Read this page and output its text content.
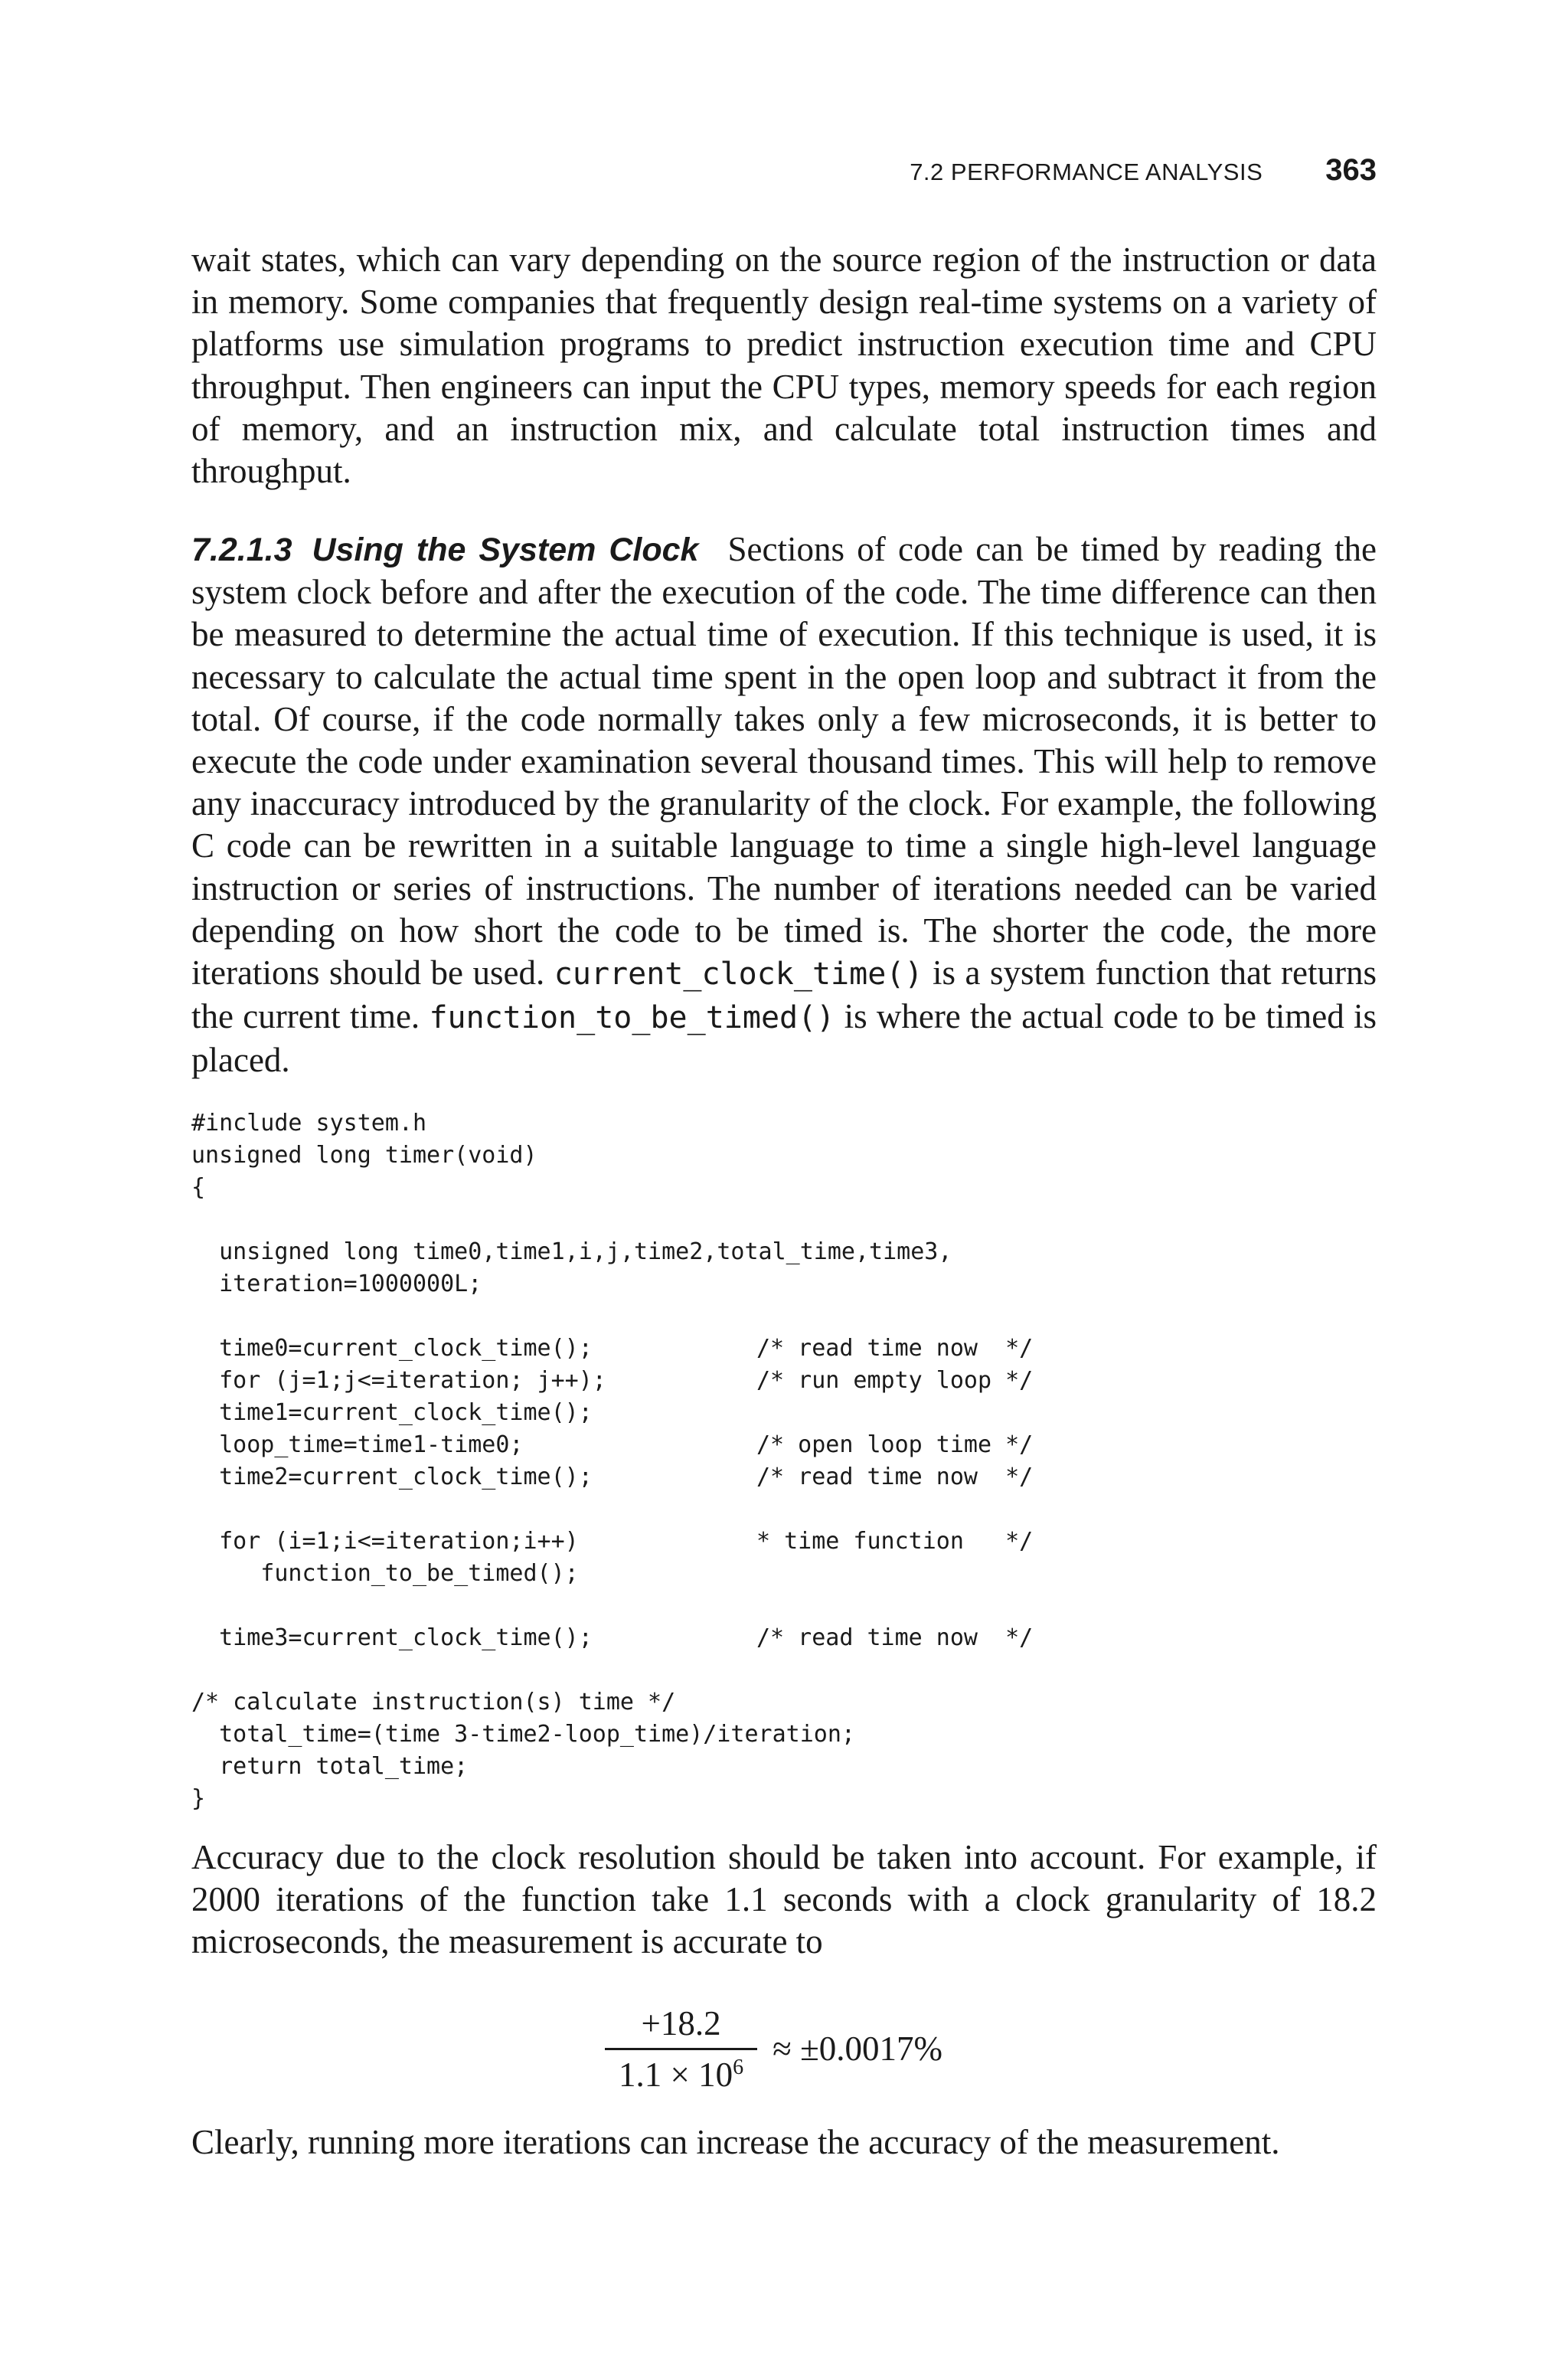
7.2 PERFORMANCE ANALYSIS 363

wait states, which can vary depending on the source region of the instruction or data in memory. Some companies that frequently design real-time systems on a variety of platforms use simulation programs to predict instruction execution time and CPU throughput. Then engineers can input the CPU types, memory speeds for each region of memory, and an instruction mix, and calculate total instruction times and throughput.

7.2.1.3 Using the System Clock Sections of code can be timed by reading the system clock before and after the execution of the code. The time difference can then be measured to determine the actual time of execution. If this technique is used, it is necessary to calculate the actual time spent in the open loop and subtract it from the total. Of course, if the code normally takes only a few microseconds, it is better to execute the code under examination several thousand times. This will help to remove any inaccuracy introduced by the granularity of the clock. For example, the following C code can be rewritten in a suitable language to time a single high-level language instruction or series of instructions. The number of iterations needed can be varied depending on how short the code to be timed is. The shorter the code, the more iterations should be used. current_clock_time() is a system function that returns the current time. function_to_be_timed() is where the actual code to be timed is placed.

#include system.h
unsigned long timer(void)
{
unsigned long time0,time1,i,j,time2,total_time,time3,
iteration=1000000L;
time0=current_clock_time();	/* read time now  */
for (j=1;j<=iteration; j++);	/* run empty loop */
time1=current_clock_time();
loop_time=time1-time0;	/* open loop time */
time2=current_clock_time();	/* read time now  */
for (i=1;i<=iteration;i++)	* time function   */
function_to_be_timed();
time3=current_clock_time();	/* read time now  */
/* calculate instruction(s) time */
total_time=(time 3-time2-loop_time)/iteration;
return total_time;
}

Accuracy due to the clock resolution should be taken into account. For example, if 2000 iterations of the function take 1.1 seconds with a clock granularity of 18.2 microseconds, the measurement is accurate to

$\frac{+18.2}{1.1 \times 10^6} \approx \pm 0.0017\%$

Clearly, running more iterations can increase the accuracy of the measurement.
